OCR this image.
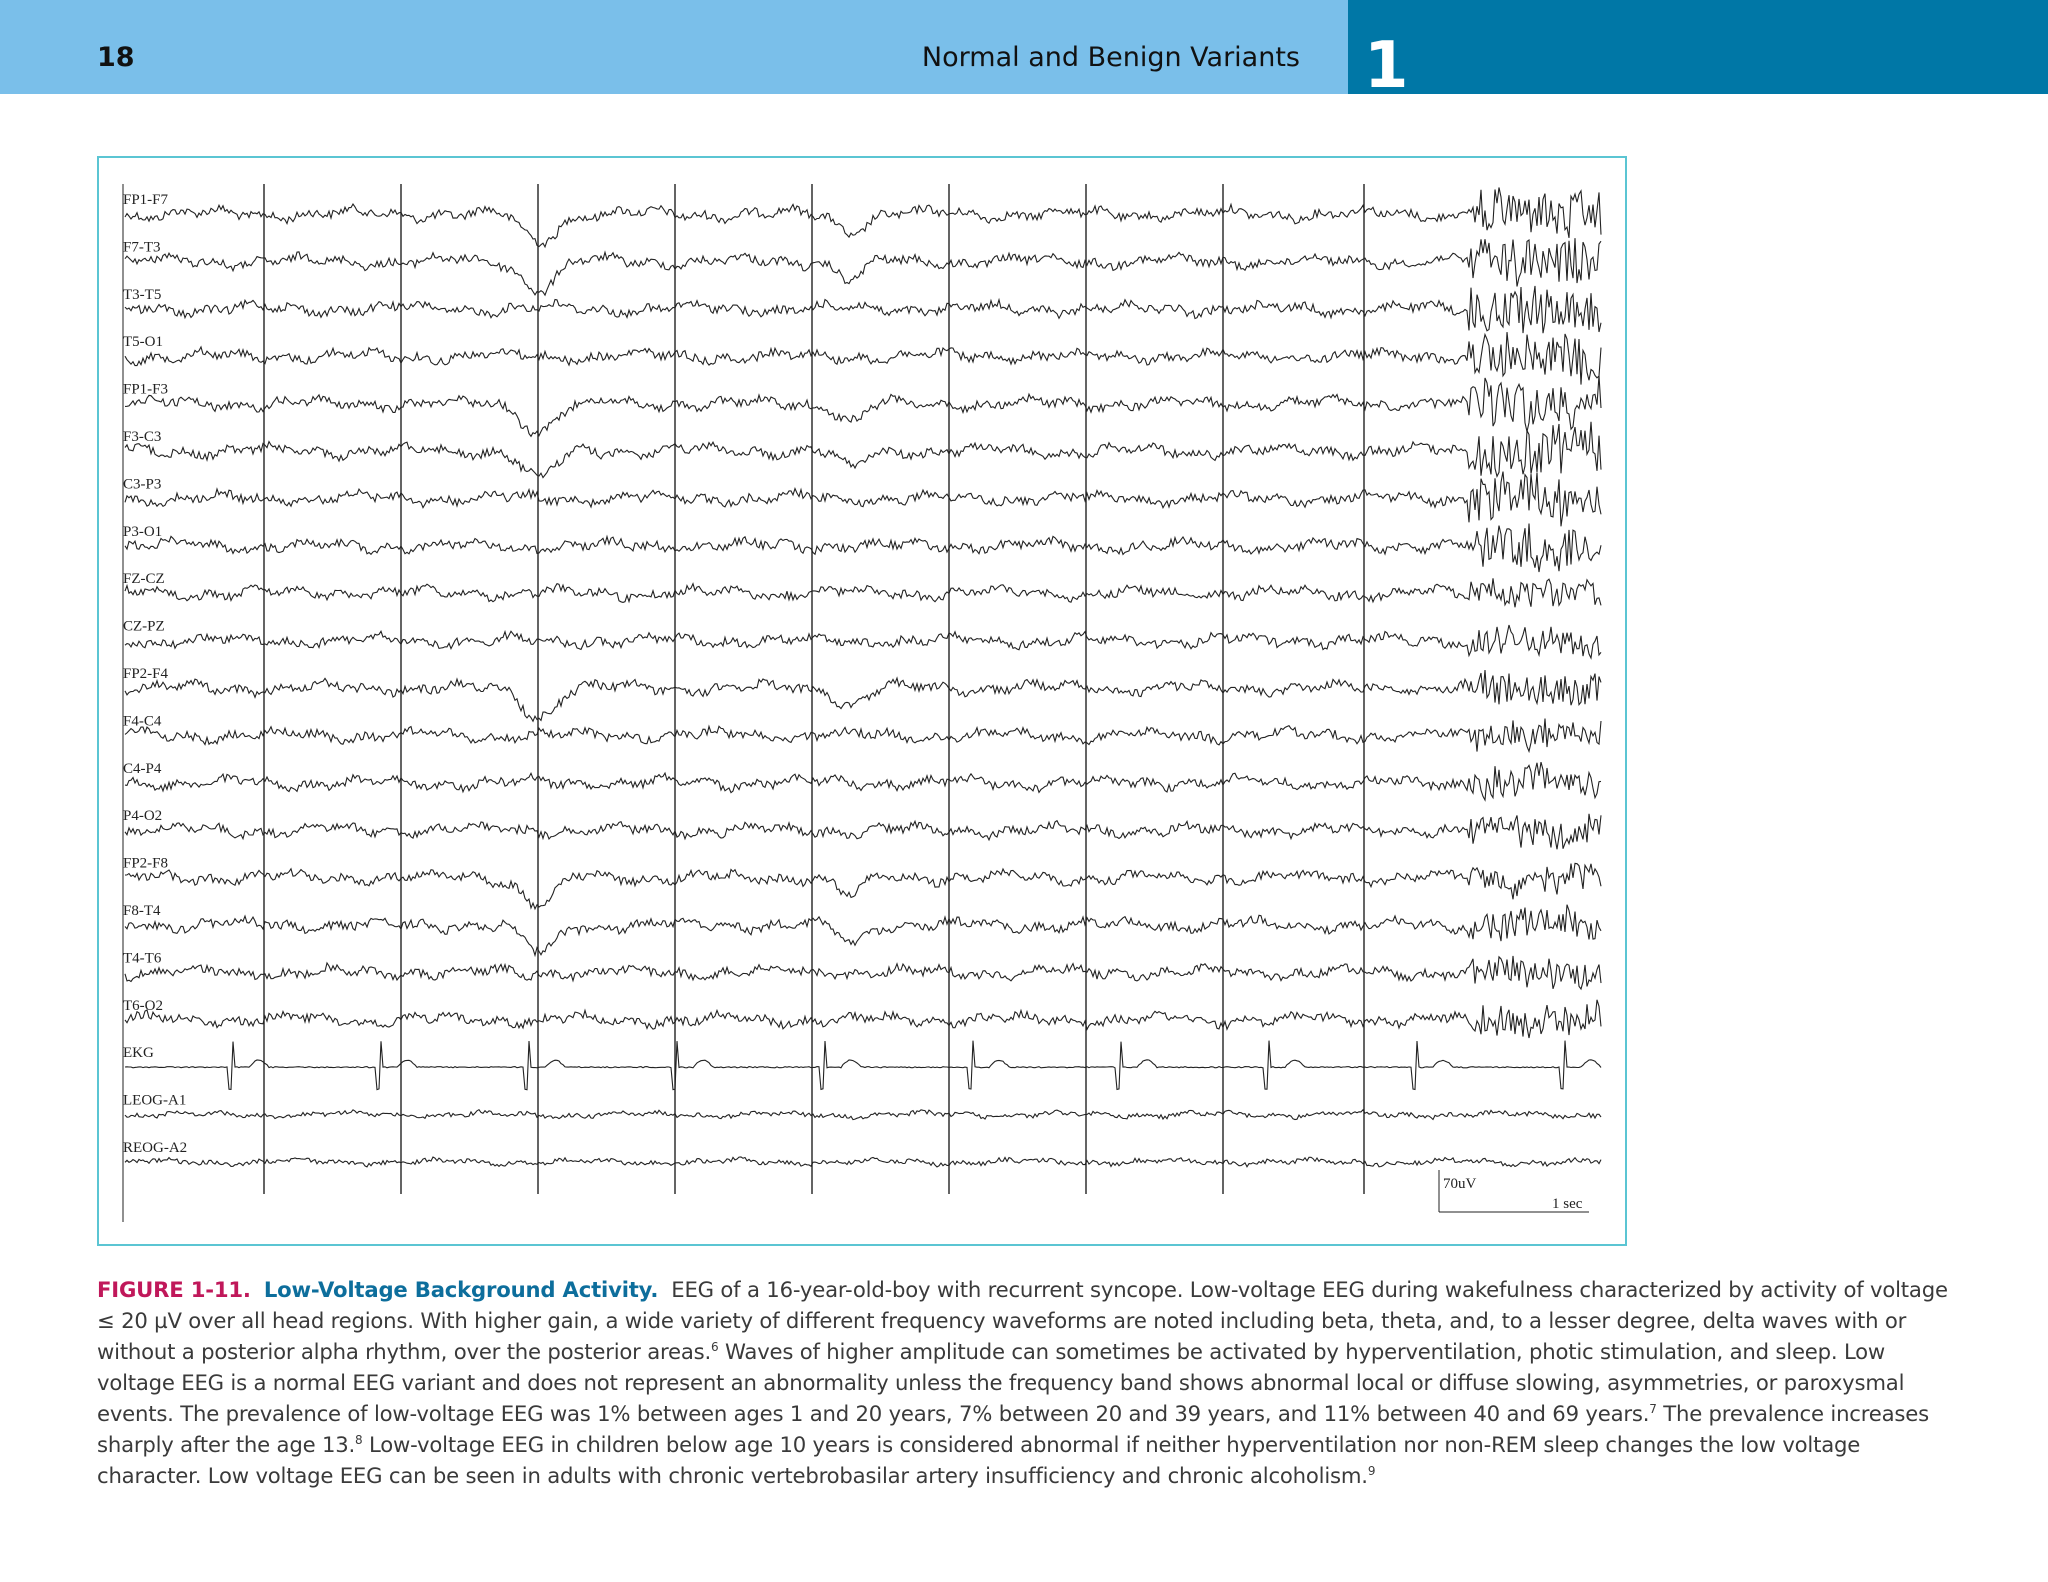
18	Normal and Benign Variants 1
FP1-F7
F7-T3
T3-T5
T5-O1
FP1-F3
F3-C3
C3-P3
P3-O1
FZ-CZ
CZ-PZ
FP2-F4
F4-C4
C4-P4
P4-O2
FP2-F8
F8-T4
T4-T6
T6-O2
EKG
LEOG-A1
REOG-A2
70uV
1 sec
FIGURE 1-11. Low-Voltage Background Activity. EEG of a 16-year-old-boy with recurrent syncope. Low-voltage EEG during wakefulness characterized by activity of voltage ≤ 20 µV over all head regions. With higher gain, a wide variety of different frequency waveforms are noted including beta, theta, and, to a lesser degree, delta waves with or without a posterior alpha rhythm, over the posterior areas.$^6$ Waves of higher amplitude can sometimes be activated by hyperventilation, photic stimulation, and sleep. Low voltage EEG is a normal EEG variant and does not represent an abnormality unless the frequency band shows abnormal local or diffuse slowing, asymmetries, or paroxysmal events. The prevalence of low-voltage EEG was 1% between ages 1 and 20 years, 7% between 20 and 39 years, and 11% between 40 and 69 years.$^7$ The prevalence increases sharply after the age 13.$^8$ Low-voltage EEG in children below age 10 years is considered abnormal if neither hyperventilation nor non-REM sleep changes the low voltage character. Low voltage EEG can be seen in adults with chronic vertebrobasilar artery insufficiency and chronic alcoholism.$^9$
